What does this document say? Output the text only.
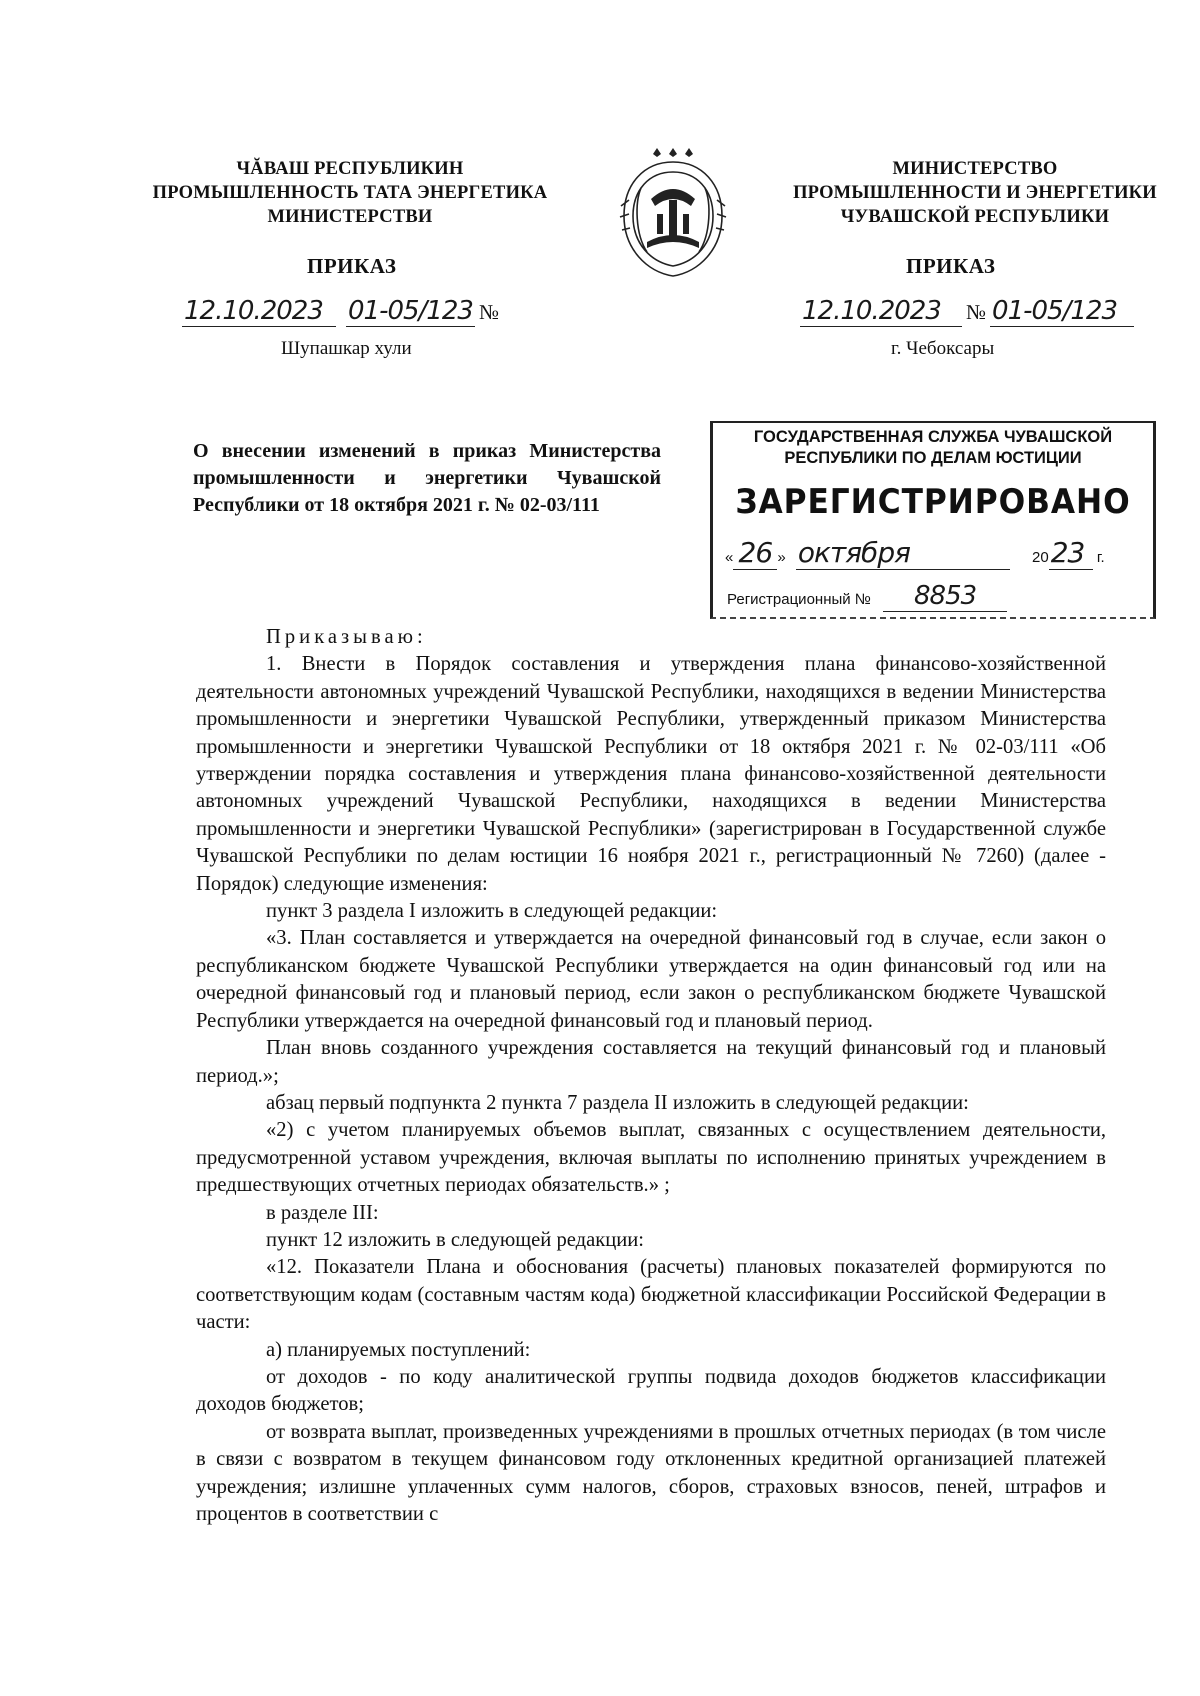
ЧĂВАШ РЕСПУБЛИКИН
ПРОМЫШЛЕННОСТЬ ТАТА ЭНЕРГЕТИКА
МИНИСТЕРСТВИ
МИНИСТЕРСТВО
ПРОМЫШЛЕННОСТИ И ЭНЕРГЕТИКИ
ЧУВАШСКОЙ РЕСПУБЛИКИ
ПРИКАЗ	ПРИКАЗ
12.10.2023 01-05/123 №	12.10.2023 № 01-05/123
Шупашкар хули	г. Чебоксары
О внесении изменений в приказ Министерства промышленности и энергетики Чувашской Республики от 18 октября 2021 г. № 02-03/111
ГОСУДАРСТВЕННАЯ СЛУЖБА ЧУВАШСКОЙ
РЕСПУБЛИКИ ПО ДЕЛАМ ЮСТИЦИИ
ЗАРЕГИСТРИРОВАНО
« 26 » октября	2023 г.
Регистрационный № 8853

Приказываю:

1. Внести в Порядок составления и утверждения плана финансово-хозяйственной деятельности автономных учреждений Чувашской Республики, находящихся в ведении Министерства промышленности и энергетики Чувашской Республики, утвержденный приказом Министерства промышленности и энергетики Чувашской Республики от 18 октября 2021 г. № 02-03/111 «Об утверждении порядка составления и утверждения плана финансово-хозяйственной деятельности автономных учреждений Чувашской Республики, находящихся в ведении Министерства промышленности и энергетики Чувашской Республики» (зарегистрирован в Государственной службе Чувашской Республики по делам юстиции 16 ноября 2021 г., регистрационный № 7260) (далее - Порядок) следующие изменения:

пункт 3 раздела I изложить в следующей редакции:

«3. План составляется и утверждается на очередной финансовый год в случае, если закон о республиканском бюджете Чувашской Республики утверждается на один финансовый год или на очередной финансовый год и плановый период, если закон о республиканском бюджете Чувашской Республики утверждается на очередной финансовый год и плановый период.

План вновь созданного учреждения составляется на текущий финансовый год и плановый период.»;

абзац первый подпункта 2 пункта 7 раздела II изложить в следующей редакции:

«2) с учетом планируемых объемов выплат, связанных с осуществлением деятельности, предусмотренной уставом учреждения, включая выплаты по исполнению принятых учреждением в предшествующих отчетных периодах обязательств.» ;

в разделе III:

пункт 12 изложить в следующей редакции:

«12. Показатели Плана и обоснования (расчеты) плановых показателей формируются по соответствующим кодам (составным частям кода) бюджетной классификации Российской Федерации в части:

а) планируемых поступлений:

от доходов - по коду аналитической группы подвида доходов бюджетов классификации доходов бюджетов;

от возврата выплат, произведенных учреждениями в прошлых отчетных периодах (в том числе в связи с возвратом в текущем финансовом году отклоненных кредитной организацией платежей учреждения; излишне уплаченных сумм налогов, сборов, страховых взносов, пеней, штрафов и процентов в соответствии с
